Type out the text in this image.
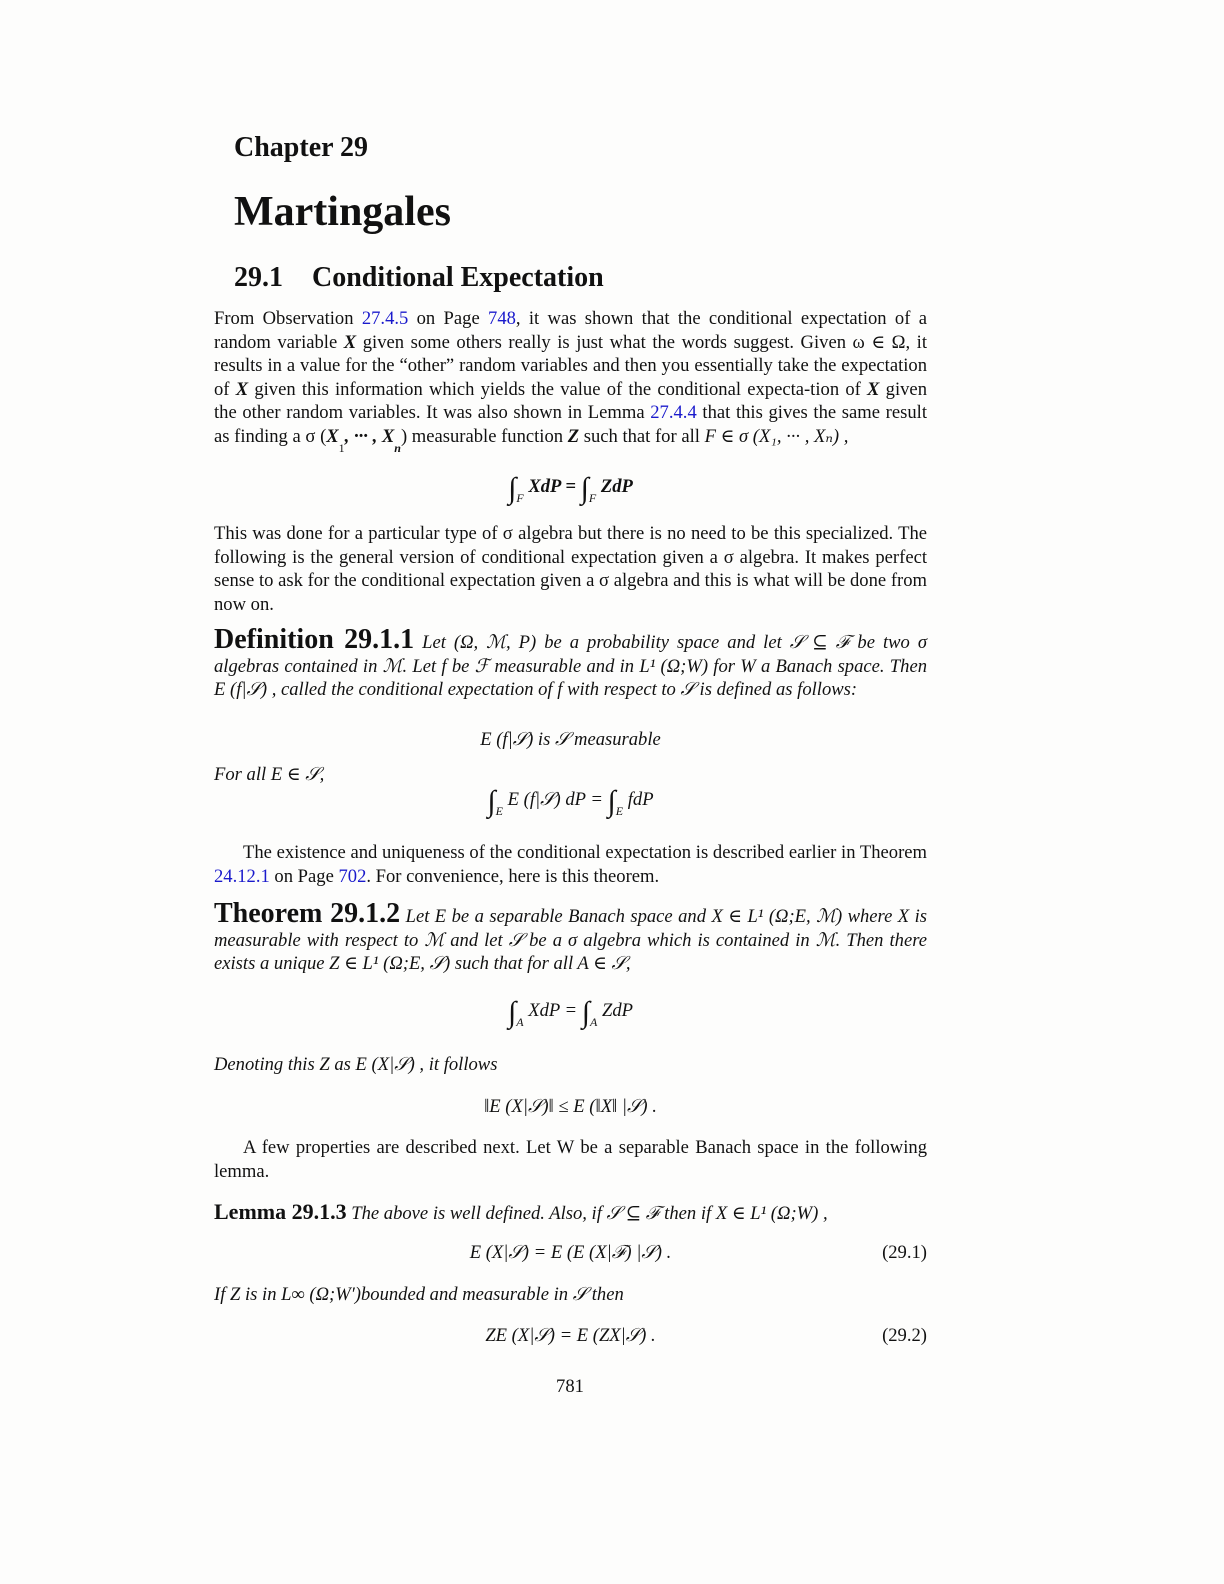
Chapter 29
Martingales
29.1 Conditional Expectation
From Observation 27.4.5 on Page 748, it was shown that the conditional expectation of a random variable X given some others really is just what the words suggest. Given ω ∈ Ω, it results in a value for the “other” random variables and then you essentially take the expectation of X given this information which yields the value of the conditional expecta-tion of X given the other random variables. It was also shown in Lemma 27.4.4 that this gives the same result as finding a σ ($X_1$, ··· , $X_n$) measurable function Z such that for all F ∈ σ (X₁, ··· , Xₙ) ,
$\int_F$ XdP = $\int_F$ ZdP
This was done for a particular type of σ algebra but there is no need to be this specialized. The following is the general version of conditional expectation given a σ algebra. It makes perfect sense to ask for the conditional expectation given a σ algebra and this is what will be done from now on.
Definition 29.1.1 Let (Ω, ℳ, P) be a probability space and let 𝒮 ⊆ ℱ be two σ algebras contained in ℳ. Let f be ℱ measurable and in L¹ (Ω;W) for W a Banach space. Then E (f|𝒮) , called the conditional expectation of f with respect to 𝒮 is defined as follows:
E (f|𝒮) is 𝒮 measurable
For all E ∈ 𝒮,
$\int_E$ E (f|𝒮) dP = $\int_E$ fdP
The existence and uniqueness of the conditional expectation is described earlier in Theorem 24.12.1 on Page 702. For convenience, here is this theorem.
Theorem 29.1.2 Let E be a separable Banach space and X ∈ L¹ (Ω;E, ℳ) where X is measurable with respect to ℳ and let 𝒮 be a σ algebra which is contained in ℳ. Then there exists a unique Z ∈ L¹ (Ω;E, 𝒮) such that for all A ∈ 𝒮,
$\int_A$ XdP = $\int_A$ ZdP
Denoting this Z as E (X|𝒮) , it follows
‖E (X|𝒮)‖ ≤ E (‖X‖ |𝒮) .
A few properties are described next. Let W be a separable Banach space in the following lemma.
Lemma 29.1.3 The above is well defined. Also, if 𝒮 ⊆ ℱ then if X ∈ L¹ (Ω;W) ,
E (X|𝒮) = E (E (X|ℱ) |𝒮) .	(29.1)
If Z is in L∞ (Ω;W′)bounded and measurable in 𝒮 then
ZE (X|𝒮) = E (ZX|𝒮) .	(29.2)
781
